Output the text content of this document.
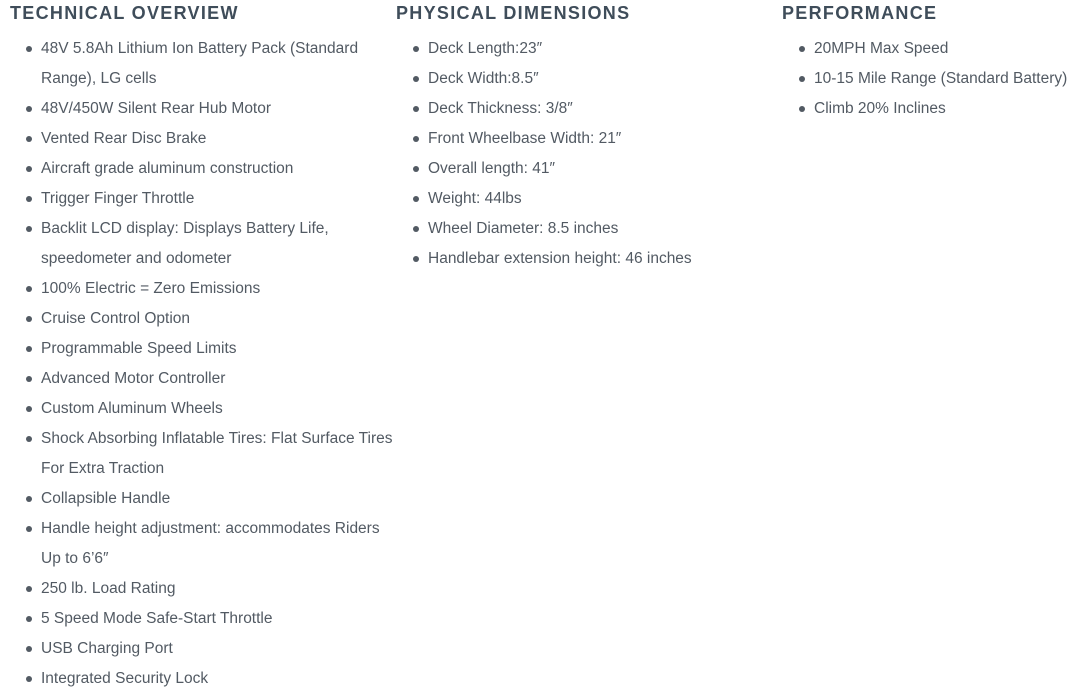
TECHNICAL OVERVIEW
48V 5.8Ah Lithium Ion Battery Pack (Standard Range), LG cells
48V/450W Silent Rear Hub Motor
Vented Rear Disc Brake
Aircraft grade aluminum construction
Trigger Finger Throttle
Backlit LCD display: Displays Battery Life, speedometer and odometer
100% Electric = Zero Emissions
Cruise Control Option
Programmable Speed Limits
Advanced Motor Controller
Custom Aluminum Wheels
Shock Absorbing Inflatable Tires: Flat Surface Tires For Extra Traction
Collapsible Handle
Handle height adjustment: accommodates Riders Up to 6’6″
250 lb. Load Rating
5 Speed Mode Safe-Start Throttle
USB Charging Port
Integrated Security Lock
PHYSICAL DIMENSIONS
Deck Length:23″
Deck Width:8.5″
Deck Thickness: 3/8″
Front Wheelbase Width: 21″
Overall length: 41″
Weight: 44lbs
Wheel Diameter: 8.5 inches
Handlebar extension height: 46 inches
PERFORMANCE
20MPH Max Speed
10-15 Mile Range (Standard Battery)
Climb 20% Inclines
